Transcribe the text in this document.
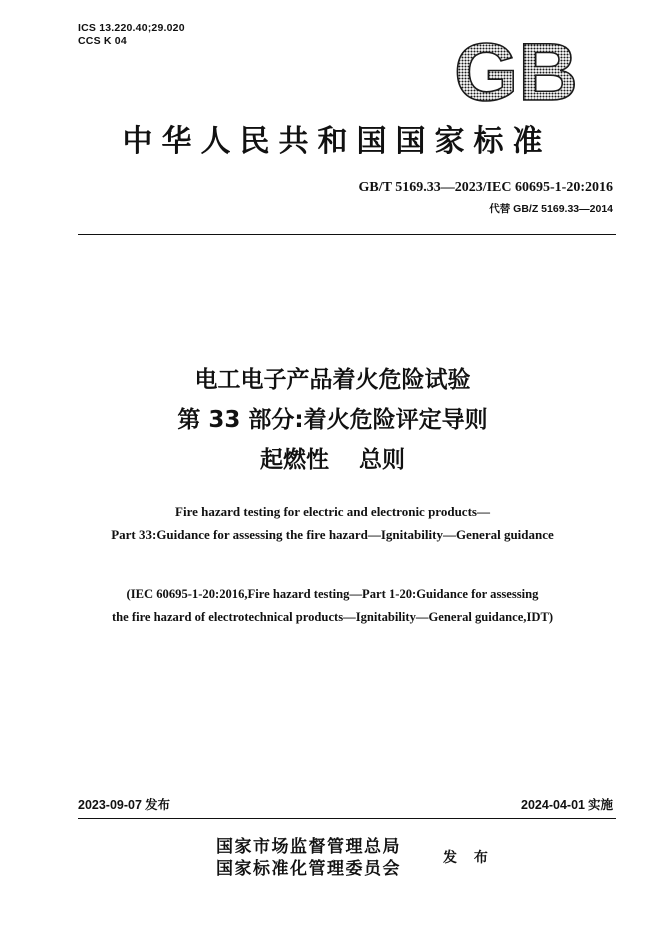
ICS 13.220.40;29.020
CCS K 04	GB
中华人民共和国国家标准
GB/T 5169.33—2023/IEC 60695-1-20:2016
代替 GB/Z 5169.33—2014
电工电子产品着火危险试验
第 33 部分:着火危险评定导则
起燃性 总则
Fire hazard testing for electric and electronic products—
Part 33:Guidance for assessing the fire hazard—Ignitability—General guidance
(IEC 60695-1-20:2016,Fire hazard testing—Part 1-20:Guidance for assessing
the fire hazard of electrotechnical products—Ignitability—General guidance,IDT)
2023-09-07 发布	2024-04-01 实施
国家市场监督管理总局
国家标准化管理委员会
发 布
